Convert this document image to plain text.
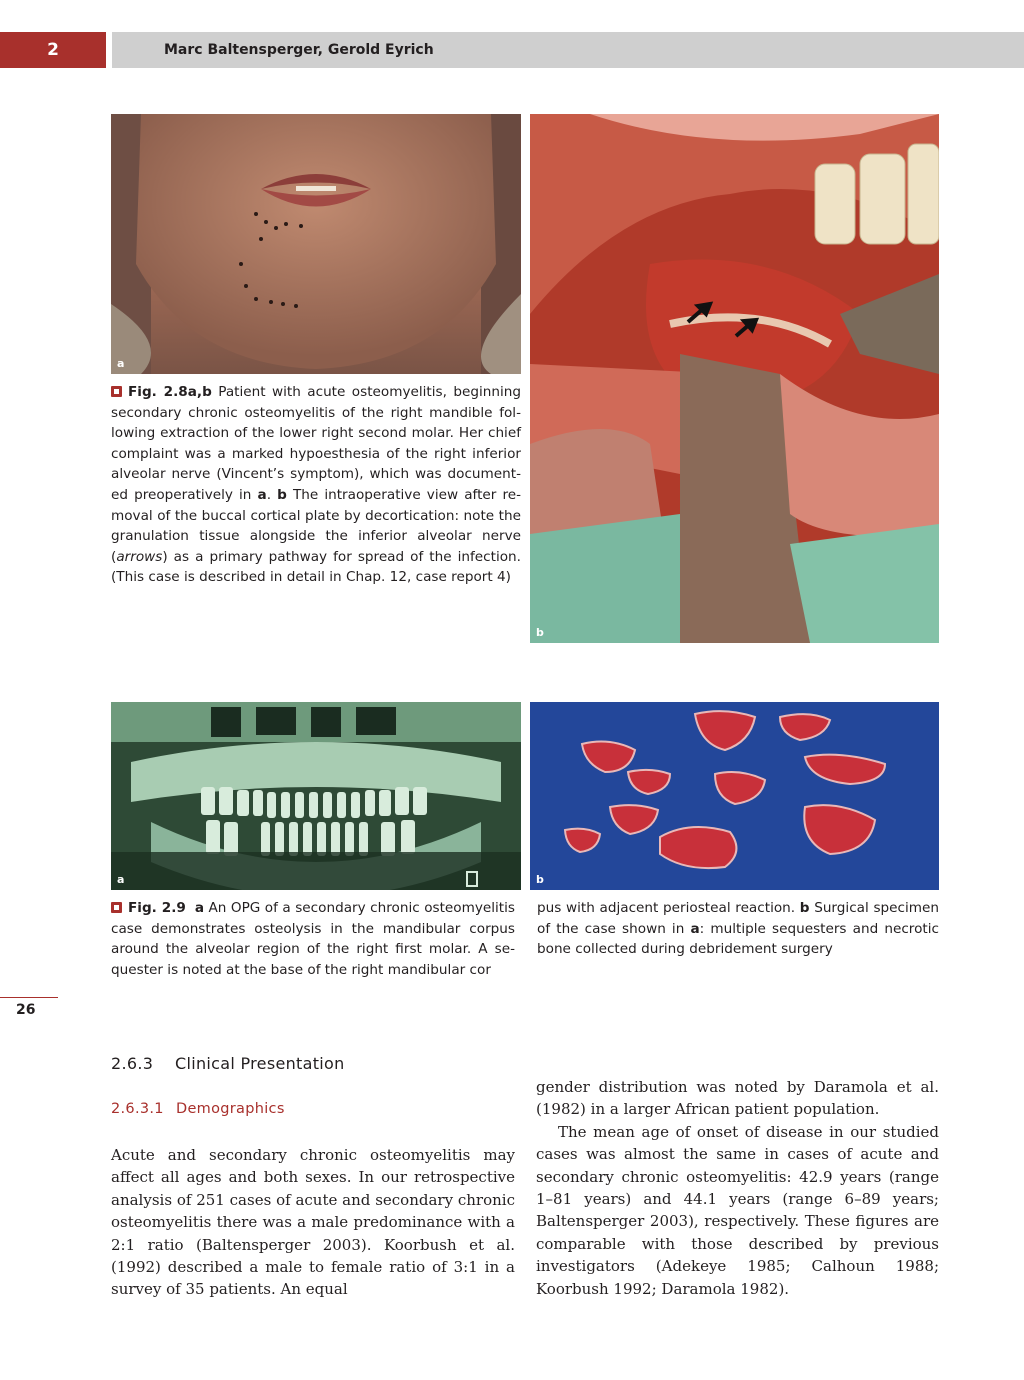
2	Marc Baltensperger, Gerold Eyrich
a
b
Fig. 2.8a,b Patient with acute osteomyelitis, beginning secondary chronic osteomyelitis of the right mandible following extraction of the lower right second molar. Her chief complaint was a marked hypoesthesia of the right inferior alveolar nerve (Vincent’s symptom), which was documented preoperatively in a. b The intraoperative view after removal of the buccal cortical plate by decortication: note the granulation tissue alongside the inferior alveolar nerve (arrows) as a primary pathway for spread of the infection. (This case is described in detail in Chap. 12, case report 4)
a	b
Fig. 2.9 a An OPG of a secondary chronic osteomyelitis case demonstrates osteolysis in the mandibular corpus around the alveolar region of the right first molar. A sequester is noted at the base of the right mandibular cor
pus with adjacent periosteal reaction. b Surgical specimen of the case shown in a: multiple sequesters and necrotic bone collected during debridement surgery
26
2.6.3 Clinical Presentation
2.6.3.1 Demographics

Acute and secondary chronic osteomyelitis may affect all ages and both sexes. In our retrospective analysis of 251 cases of acute and secondary chronic osteomyelitis there was a male predominance with a 2:1 ratio (Baltensperger 2003). Koorbush et al. (1992) described a male to female ratio of 3:1 in a survey of 35 patients. An equal

gender distribution was noted by Daramola et al. (1982) in a larger African patient population.

The mean age of onset of disease in our studied cases was almost the same in cases of acute and secondary chronic osteomyelitis: 42.9 years (range 1–81 years) and 44.1 years (range 6–89 years; Baltensperger 2003), respectively. These figures are comparable with those described by previous investigators (Adekeye 1985; Calhoun 1988; Koorbush 1992; Daramola 1982).
